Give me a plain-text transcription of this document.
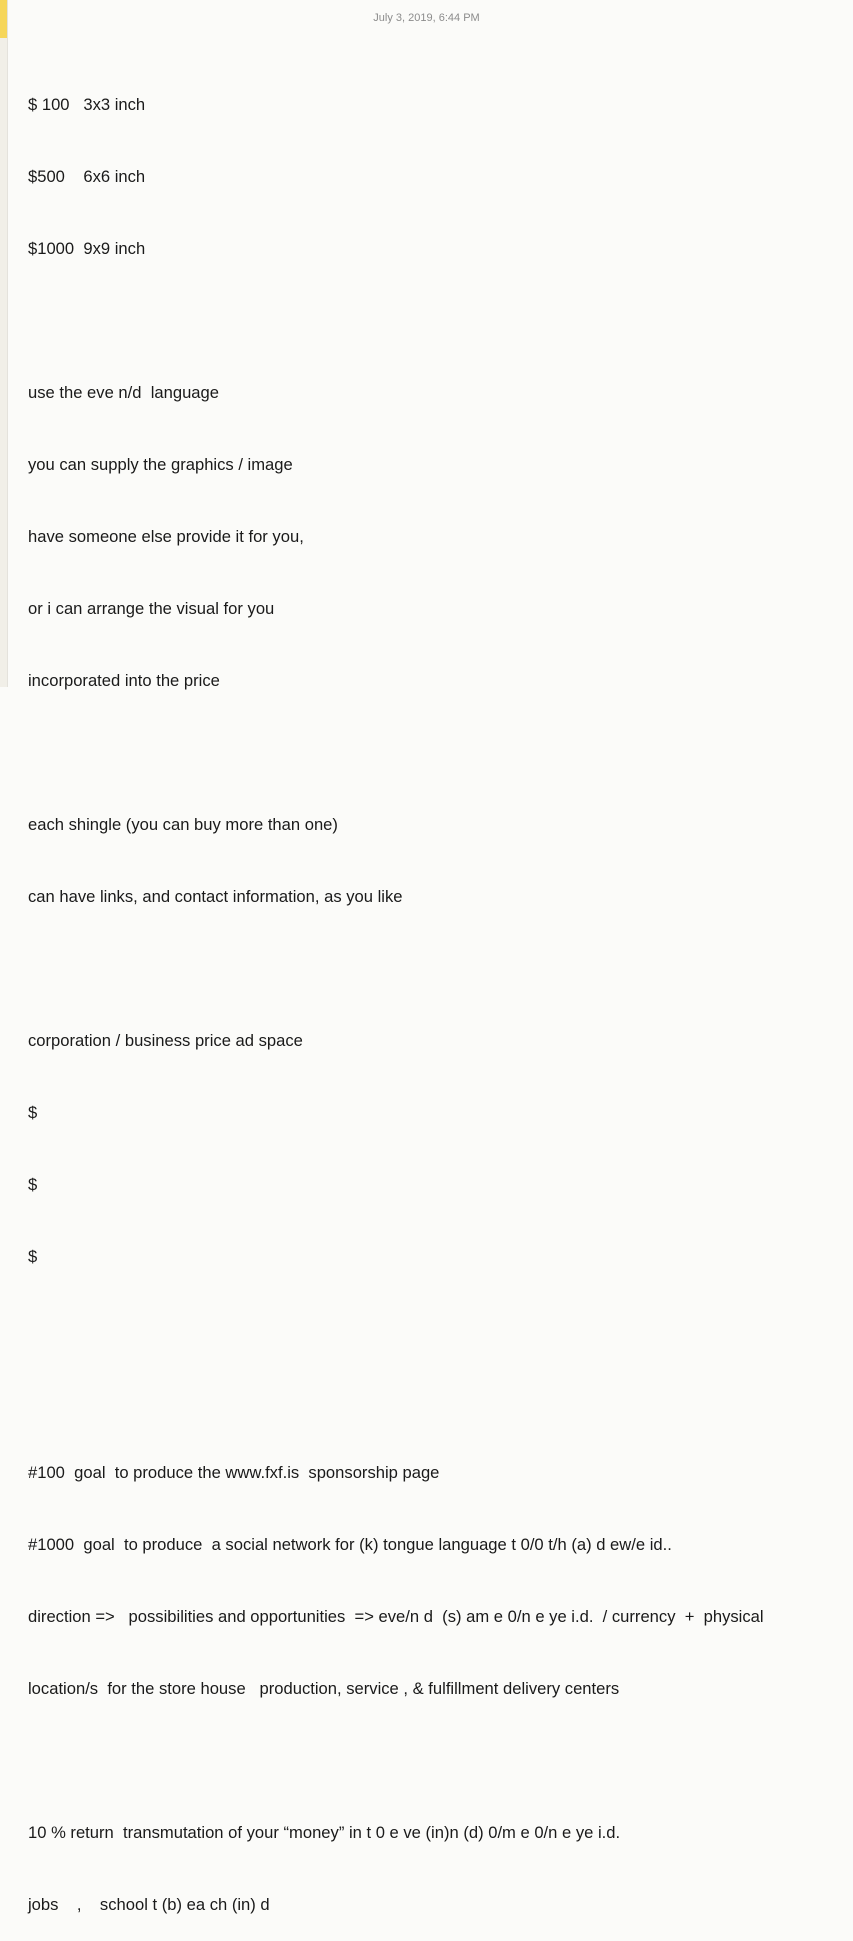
July 3, 2019, 6:44 PM

$ 100   3x3 inch

$500    6x6 inch

$1000  9x9 inch

use the eve n/d  language

you can supply the graphics / image

have someone else provide it for you,

or i can arrange the visual for you

incorporated into the price

each shingle (you can buy more than one)

can have links, and contact information, as you like

corporation / business price ad space

$

$

$

#100  goal  to produce the www.fxf.is  sponsorship page

#1000  goal  to produce  a social network for (k) tongue language t 0/0 t/h (a) d ew/e id..

direction =>   possibilities and opportunities  => eve/n d  (s) am e 0/n e ye i.d.  / currency  +  physical

location/s  for the store house   production, service , & fulfillment delivery centers

10 % return  transmutation of your “money” in t 0 e ve (in)n (d) 0/m e 0/n e ye i.d.

jobs    ,    school t (b) ea ch (in) d
